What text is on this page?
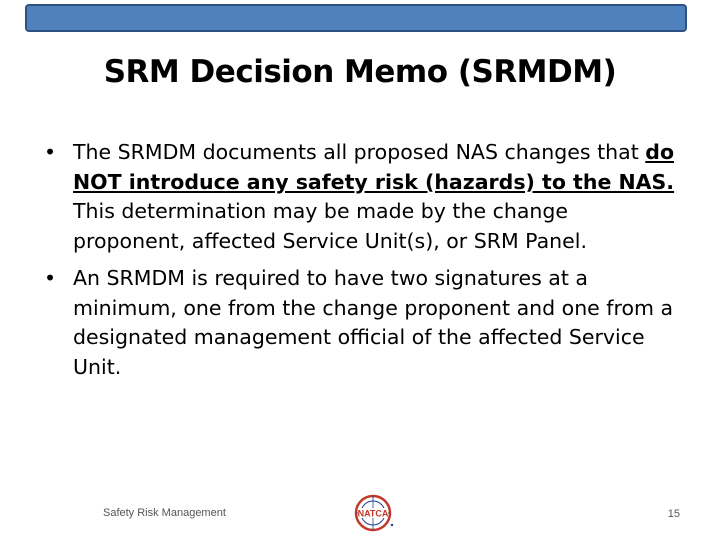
SRM Decision Memo (SRMDM)
• The SRMDM documents all proposed NAS changes that do NOT introduce any safety risk (hazards) to the NAS. This determination may be made by the change proponent, affected Service Unit(s), or SRM Panel.
• An SRMDM is required to have two signatures at a minimum, one from the change proponent and one from a designated management official of the affected Service Unit.
Safety Risk Management	NATCA	15
